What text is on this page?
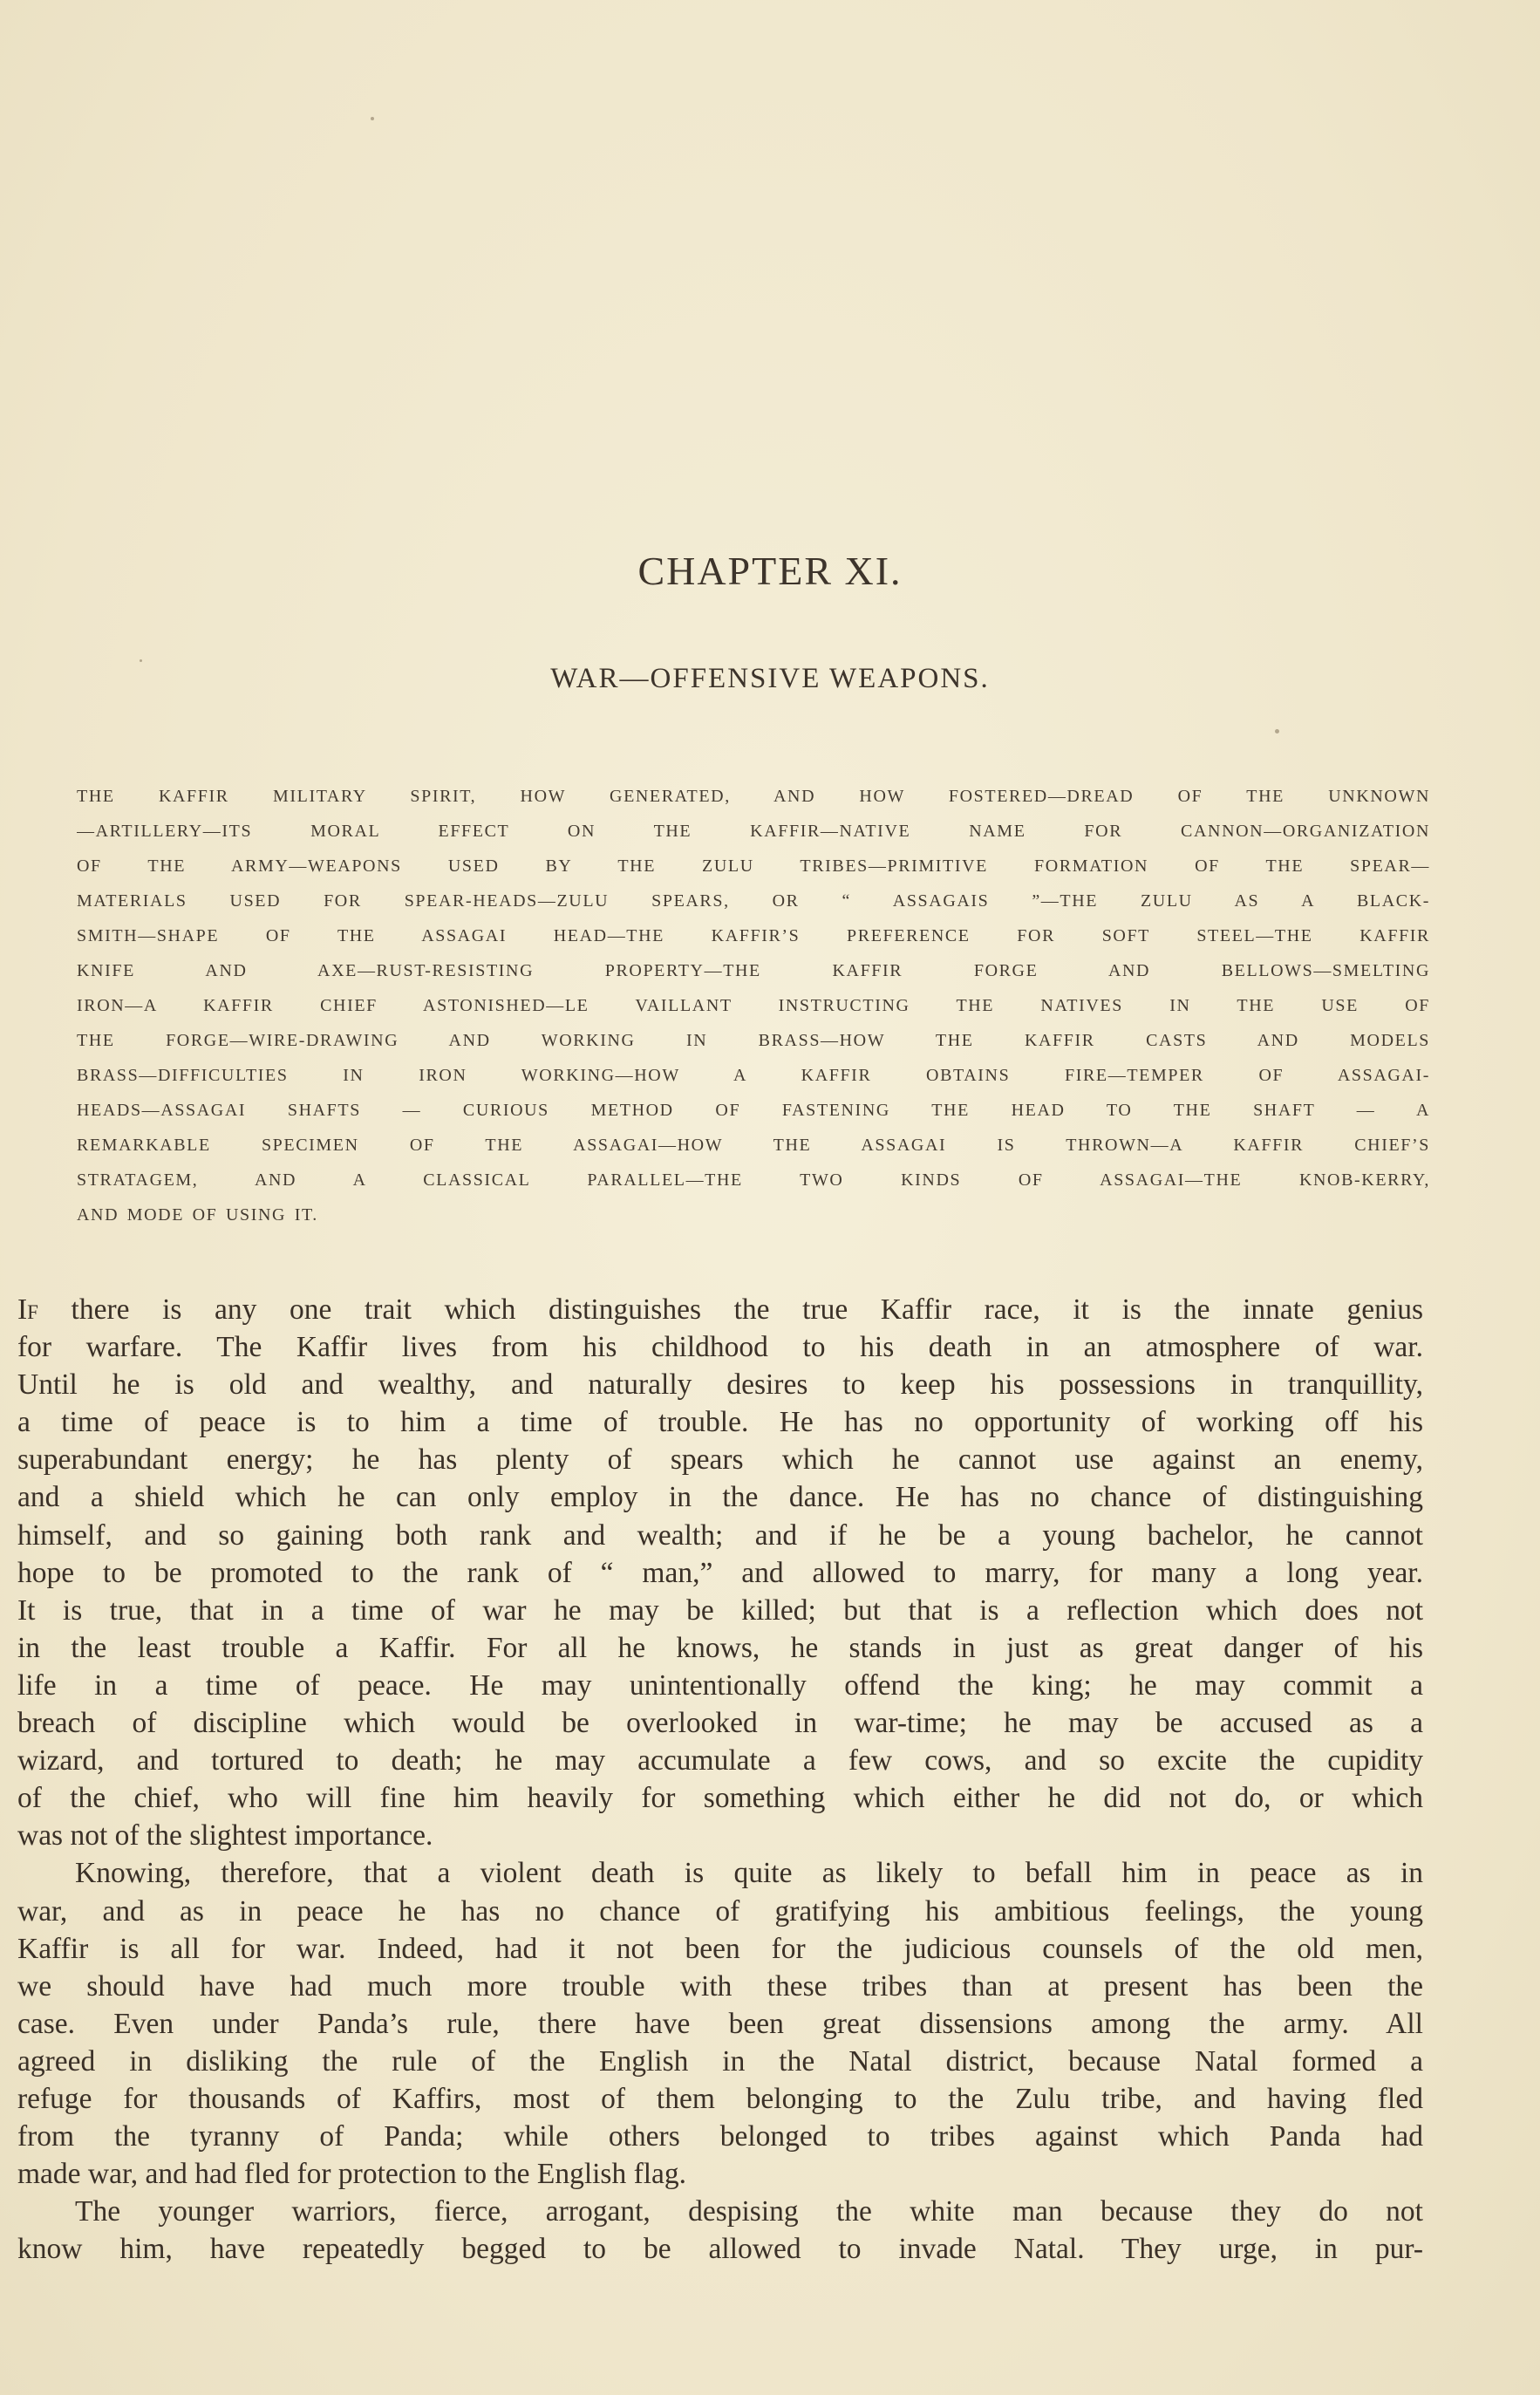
CHAPTER XI.
WAR—OFFENSIVE WEAPONS.
THE KAFFIR MILITARY SPIRIT, HOW GENERATED, AND HOW FOSTERED—DREAD OF THE UNKNOWN
—ARTILLERY—ITS MORAL EFFECT ON THE KAFFIR—NATIVE NAME FOR CANNON—ORGANIZATION
OF THE ARMY—WEAPONS USED BY THE ZULU TRIBES—PRIMITIVE FORMATION OF THE SPEAR—
MATERIALS USED FOR SPEAR-HEADS—ZULU SPEARS, OR “ ASSAGAIS ”—THE ZULU AS A BLACK-
SMITH—SHAPE OF THE ASSAGAI HEAD—THE KAFFIR’S PREFERENCE FOR SOFT STEEL—THE KAFFIR
KNIFE AND AXE—RUST-RESISTING PROPERTY—THE KAFFIR FORGE AND BELLOWS—SMELTING
IRON—A KAFFIR CHIEF ASTONISHED—LE VAILLANT INSTRUCTING THE NATIVES IN THE USE OF
THE FORGE—WIRE-DRAWING AND WORKING IN BRASS—HOW THE KAFFIR CASTS AND MODELS
BRASS—DIFFICULTIES IN IRON WORKING—HOW A KAFFIR OBTAINS FIRE—TEMPER OF ASSAGAI-
HEADS—ASSAGAI SHAFTS — CURIOUS METHOD OF FASTENING THE HEAD TO THE SHAFT — A
REMARKABLE SPECIMEN OF THE ASSAGAI—HOW THE ASSAGAI IS THROWN—A KAFFIR CHIEF’S
STRATAGEM, AND A CLASSICAL PARALLEL—THE TWO KINDS OF ASSAGAI—THE KNOB-KERRY,
AND MODE OF USING IT.
If there is any one trait which distinguishes the true Kaffir race, it is the innate genius
for warfare. The Kaffir lives from his childhood to his death in an atmosphere of war.
Until he is old and wealthy, and naturally desires to keep his possessions in tranquillity,
a time of peace is to him a time of trouble. He has no opportunity of working off his
superabundant energy; he has plenty of spears which he cannot use against an enemy,
and a shield which he can only employ in the dance. He has no chance of distinguishing
himself, and so gaining both rank and wealth; and if he be a young bachelor, he cannot
hope to be promoted to the rank of “ man,” and allowed to marry, for many a long year.
It is true, that in a time of war he may be killed; but that is a reflection which does not
in the least trouble a Kaffir. For all he knows, he stands in just as great danger of his
life in a time of peace. He may unintentionally offend the king; he may commit a
breach of discipline which would be overlooked in war-time; he may be accused as a
wizard, and tortured to death; he may accumulate a few cows, and so excite the cupidity
of the chief, who will fine him heavily for something which either he did not do, or which
was not of the slightest importance.
Knowing, therefore, that a violent death is quite as likely to befall him in peace as in
war, and as in peace he has no chance of gratifying his ambitious feelings, the young
Kaffir is all for war. Indeed, had it not been for the judicious counsels of the old men,
we should have had much more trouble with these tribes than at present has been the
case. Even under Panda’s rule, there have been great dissensions among the army. All
agreed in disliking the rule of the English in the Natal district, because Natal formed a
refuge for thousands of Kaffirs, most of them belonging to the Zulu tribe, and having fled
from the tyranny of Panda; while others belonged to tribes against which Panda had
made war, and had fled for protection to the English flag.
The younger warriors, fierce, arrogant, despising the white man because they do not
know him, have repeatedly begged to be allowed to invade Natal. They urge, in pur-
